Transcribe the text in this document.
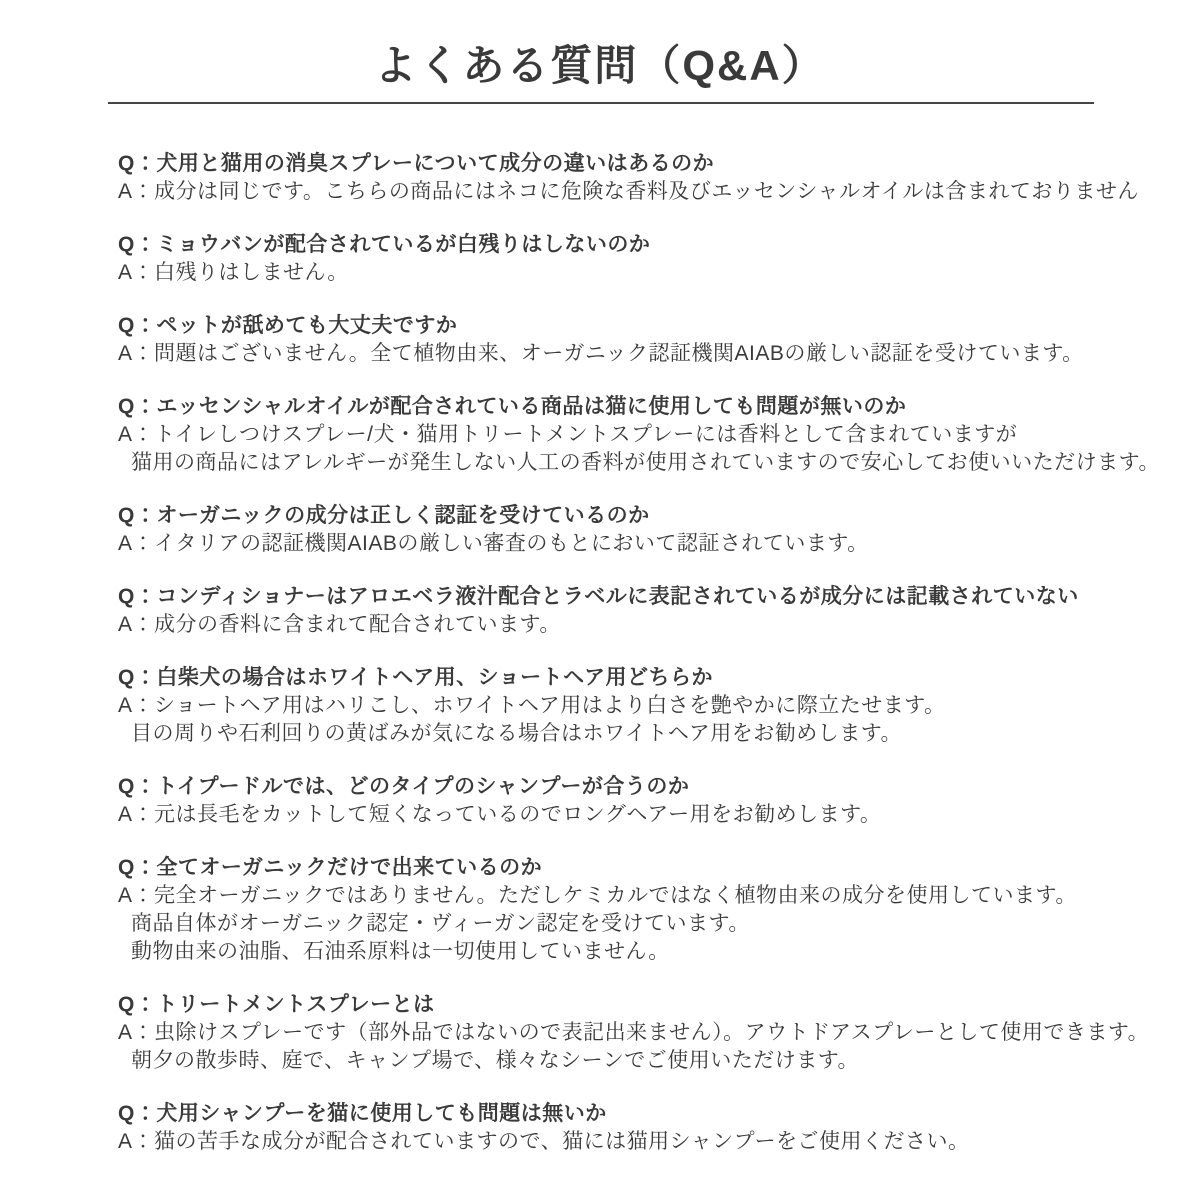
よくある質問（Q&A）

Q：犬用と猫用の消臭スプレーについて成分の違いはあるのか

A：成分は同じです。こちらの商品にはネコに危険な香料及びエッセンシャルオイルは含まれておりません

Q：ミョウバンが配合されているが白残りはしないのか

A：白残りはしません。

Q：ペットが舐めても大丈夫ですか

A：問題はございません。全て植物由来、オーガニック認証機関AIABの厳しい認証を受けています。

Q：エッセンシャルオイルが配合されている商品は猫に使用しても問題が無いのか

A：トイレしつけスプレー/犬・猫用トリートメントスプレーには香料として含まれていますが

猫用の商品にはアレルギーが発生しない人工の香料が使用されていますので安心してお使いいただけます。

Q：オーガニックの成分は正しく認証を受けているのか

A：イタリアの認証機関AIABの厳しい審査のもとにおいて認証されています。

Q：コンディショナーはアロエベラ液汁配合とラベルに表記されているが成分には記載されていない

A：成分の香料に含まれて配合されています。

Q：白柴犬の場合はホワイトヘア用、ショートヘア用どちらか

A：ショートヘア用はハリこし、ホワイトヘア用はより白さを艶やかに際立たせます。

目の周りや石利回りの黄ばみが気になる場合はホワイトヘア用をお勧めします。

Q：トイプードルでは、どのタイプのシャンプーが合うのか

A：元は長毛をカットして短くなっているのでロングヘアー用をお勧めします。

Q：全てオーガニックだけで出来ているのか

A：完全オーガニックではありません。ただしケミカルではなく植物由来の成分を使用しています。

商品自体がオーガニック認定・ヴィーガン認定を受けています。

動物由来の油脂、石油系原料は一切使用していません。

Q：トリートメントスプレーとは

A：虫除けスプレーです（部外品ではないので表記出来ません）。アウトドアスプレーとして使用できます。

朝夕の散歩時、庭で、キャンプ場で、様々なシーンでご使用いただけます。

Q：犬用シャンプーを猫に使用しても問題は無いか

A：猫の苦手な成分が配合されていますので、猫には猫用シャンプーをご使用ください。
